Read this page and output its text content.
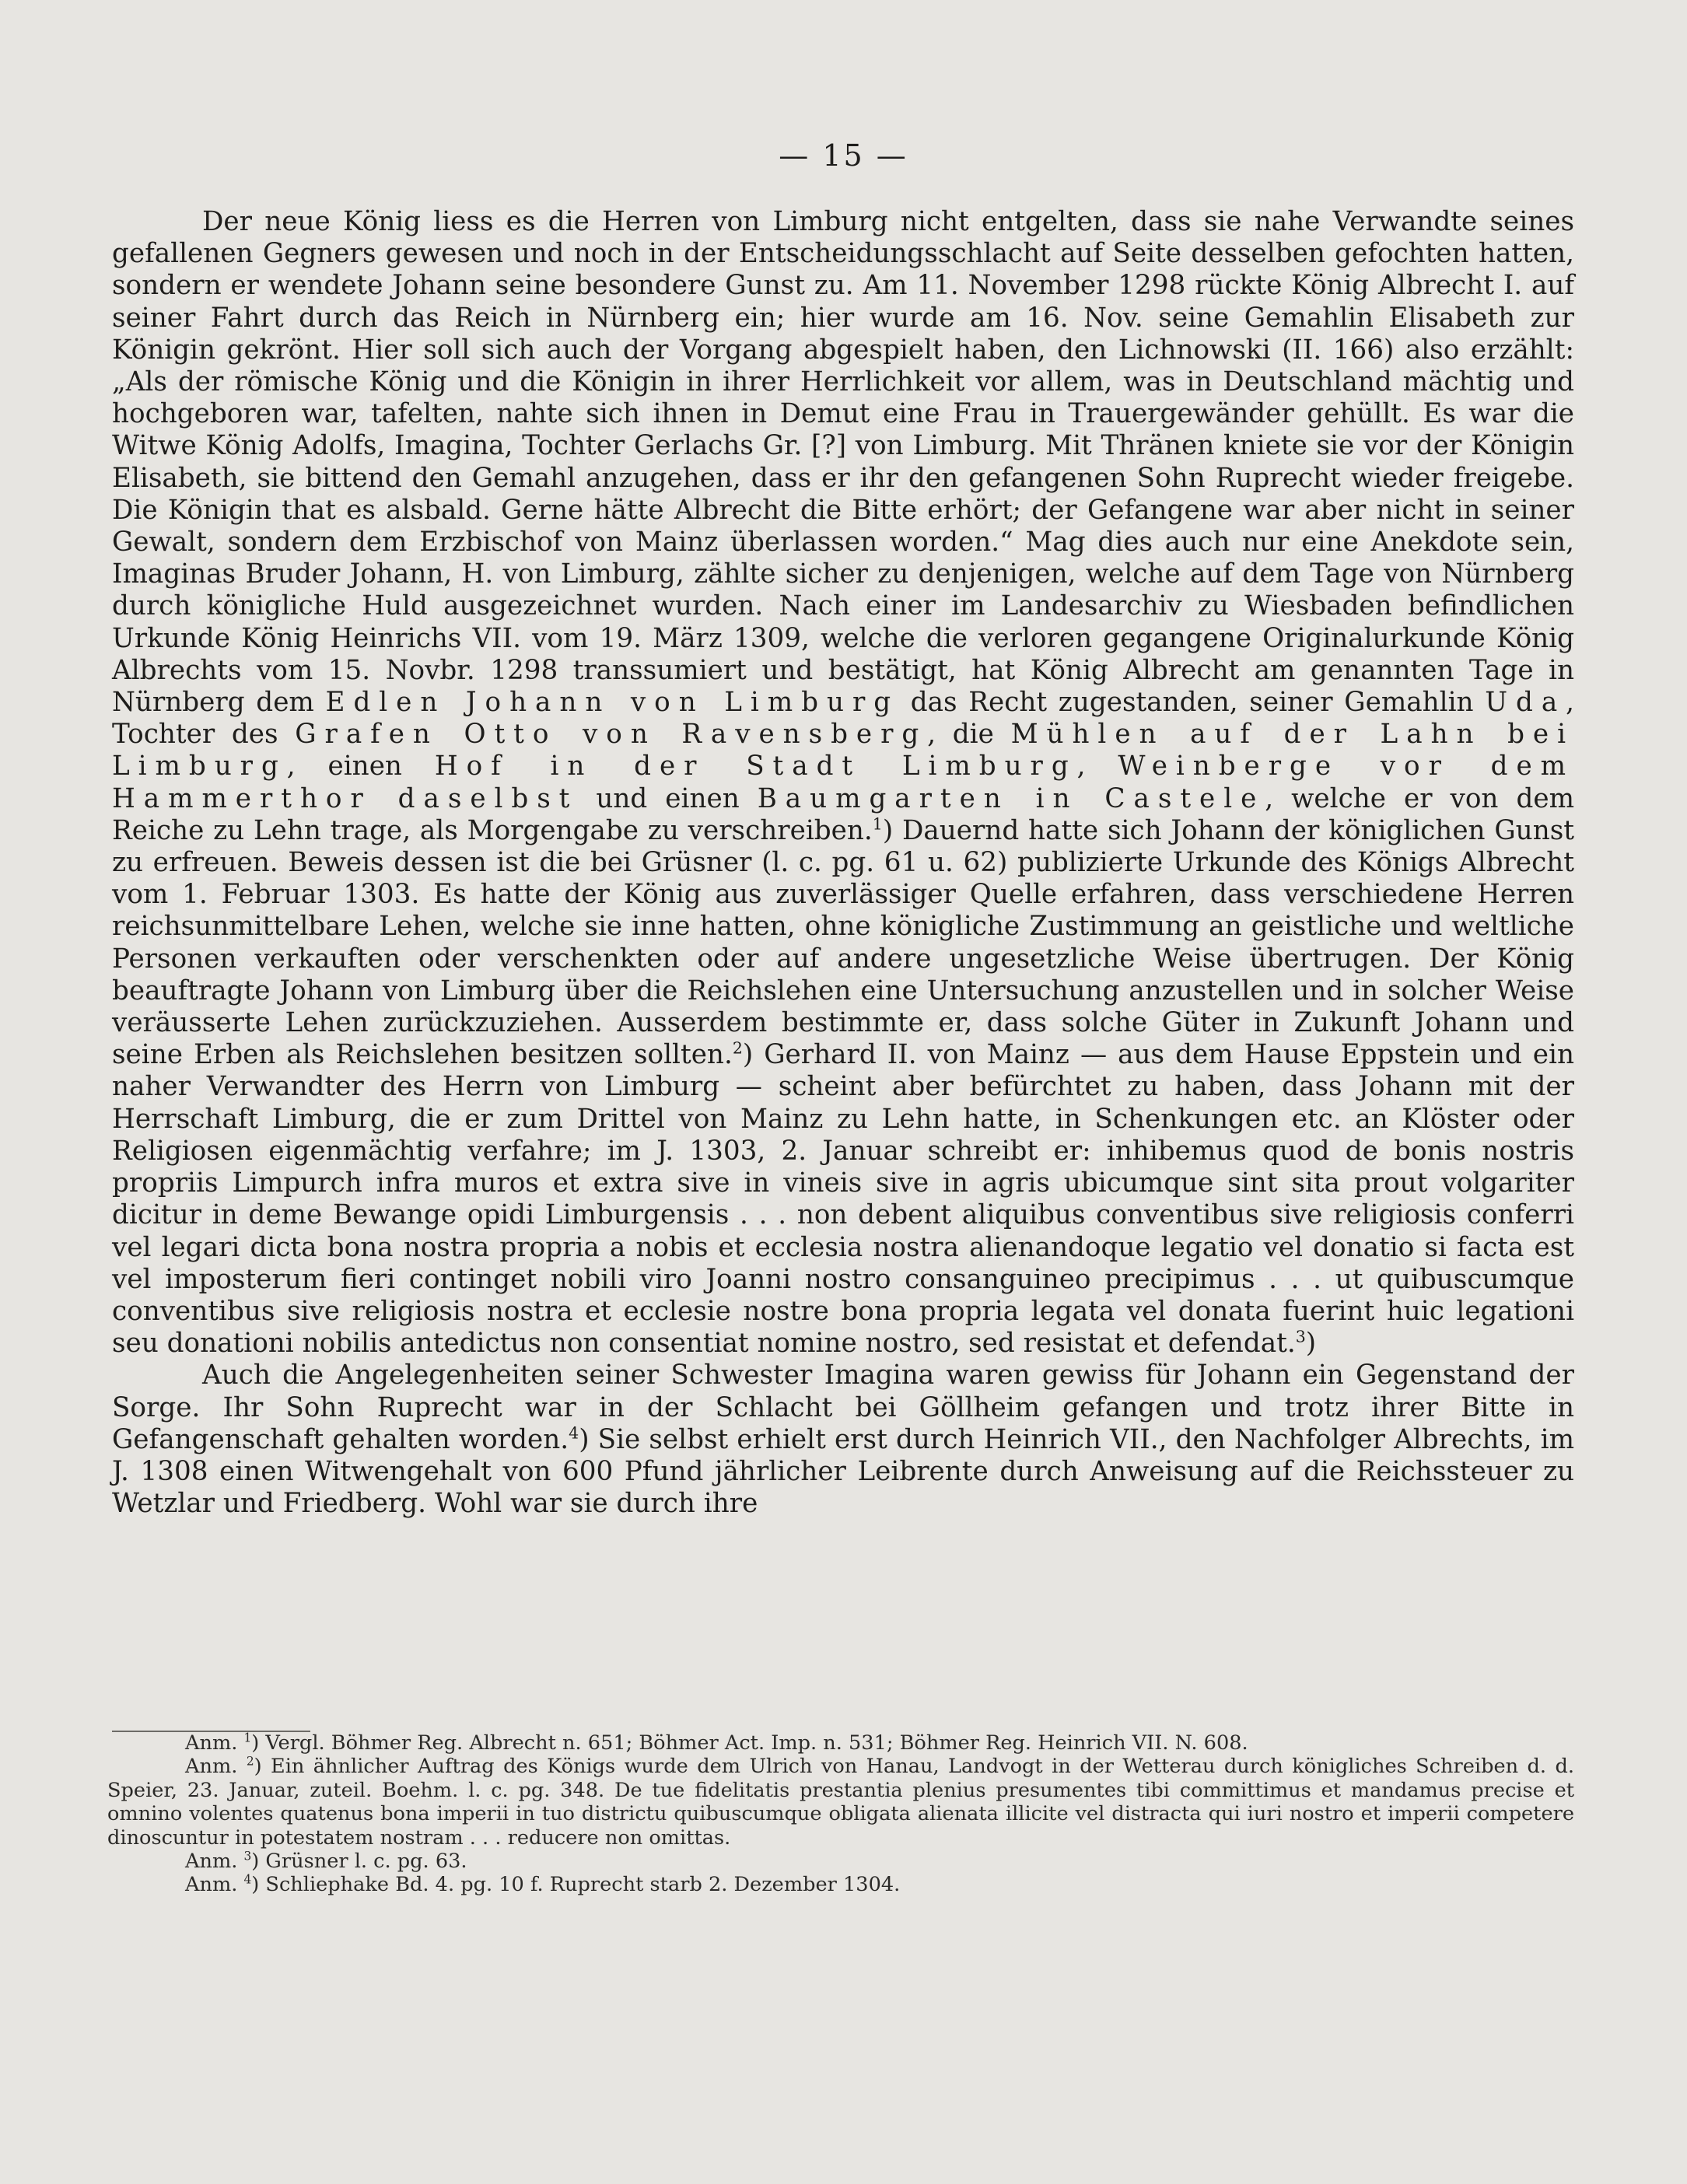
— 15 —

Der neue König liess es die Herren von Limburg nicht entgelten, dass sie nahe Verwandte seines gefallenen Gegners gewesen und noch in der Entscheidungsschlacht auf Seite desselben gefochten hatten, sondern er wendete Johann seine besondere Gunst zu. Am 11. November 1298 rückte König Albrecht I. auf seiner Fahrt durch das Reich in Nürnberg ein; hier wurde am 16. Nov. seine Gemahlin Elisabeth zur Königin gekrönt. Hier soll sich auch der Vorgang abgespielt haben, den Lichnowski (II. 166) also erzählt: „Als der römische König und die Königin in ihrer Herrlichkeit vor allem, was in Deutschland mächtig und hochgeboren war, tafelten, nahte sich ihnen in Demut eine Frau in Trauergewänder gehüllt. Es war die Witwe König Adolfs, Imagina, Tochter Gerlachs Gr. [?] von Limburg. Mit Thränen kniete sie vor der Königin Elisabeth, sie bittend den Gemahl anzugehen, dass er ihr den gefangenen Sohn Ruprecht wieder freigebe. Die Königin that es alsbald. Gerne hätte Albrecht die Bitte erhört; der Gefangene war aber nicht in seiner Gewalt, sondern dem Erzbischof von Mainz überlassen worden.“ Mag dies auch nur eine Anekdote sein, Imaginas Bruder Johann, H. von Limburg, zählte sicher zu denjenigen, welche auf dem Tage von Nürnberg durch königliche Huld ausgezeichnet wurden. Nach einer im Landesarchiv zu Wiesbaden befindlichen Urkunde König Heinrichs VII. vom 19. März 1309, welche die verloren gegangene Originalurkunde König Albrechts vom 15. Novbr. 1298 transsumiert und bestätigt, hat König Albrecht am genannten Tage in Nürnberg dem Edlen Johann von Limburg das Recht zugestanden, seiner Gemahlin Uda, Tochter des Grafen Otto von Ravensberg, die Mühlen auf der Lahn bei Limburg, einen Hof in der Stadt Limburg, Weinberge vor dem Hammerthor daselbst und einen Baumgarten in Castele, welche er von dem Reiche zu Lehn trage, als Morgengabe zu verschreiben.$^1$) Dauernd hatte sich Johann der königlichen Gunst zu erfreuen. Beweis dessen ist die bei Grüsner (l. c. pg. 61 u. 62) publizierte Urkunde des Königs Albrecht vom 1. Februar 1303. Es hatte der König aus zuverlässiger Quelle erfahren, dass verschiedene Herren reichsunmittelbare Lehen, welche sie inne hatten, ohne königliche Zustimmung an geistliche und weltliche Personen verkauften oder verschenkten oder auf andere ungesetzliche Weise übertrugen. Der König beauftragte Johann von Limburg über die Reichslehen eine Untersuchung anzustellen und in solcher Weise veräusserte Lehen zurückzuziehen. Ausserdem bestimmte er, dass solche Güter in Zukunft Johann und seine Erben als Reichslehen besitzen sollten.$^2$) Gerhard II. von Mainz — aus dem Hause Eppstein und ein naher Verwandter des Herrn von Limburg — scheint aber befürchtet zu haben, dass Johann mit der Herrschaft Limburg, die er zum Drittel von Mainz zu Lehn hatte, in Schenkungen etc. an Klöster oder Religiosen eigenmächtig verfahre; im J. 1303, 2. Januar schreibt er: inhibemus quod de bonis nostris propriis Limpurch infra muros et extra sive in vineis sive in agris ubicumque sint sita prout volgariter dicitur in deme Bewange opidi Limburgensis . . . non debent aliquibus conventibus sive religiosis conferri vel legari dicta bona nostra propria a nobis et ecclesia nostra alienandoque legatio vel donatio si facta est vel imposterum fieri continget nobili viro Joanni nostro consanguineo precipimus . . . ut quibuscumque conventibus sive religiosis nostra et ecclesie nostre bona propria legata vel donata fuerint huic legationi seu donationi nobilis antedictus non consentiat nomine nostro, sed resistat et defendat.$^3$)

Auch die Angelegenheiten seiner Schwester Imagina waren gewiss für Johann ein Gegenstand der Sorge. Ihr Sohn Ruprecht war in der Schlacht bei Göllheim gefangen und trotz ihrer Bitte in Gefangenschaft gehalten worden.$^4$) Sie selbst erhielt erst durch Heinrich VII., den Nachfolger Albrechts, im J. 1308 einen Witwengehalt von 600 Pfund jährlicher Leibrente durch Anweisung auf die Reichssteuer zu Wetzlar und Friedberg. Wohl war sie durch ihre

Anm. $^1$) Vergl. Böhmer Reg. Albrecht n. 651; Böhmer Act. Imp. n. 531; Böhmer Reg. Heinrich VII. N. 608.

Anm. $^2$) Ein ähnlicher Auftrag des Königs wurde dem Ulrich von Hanau, Landvogt in der Wetterau durch königliches Schreiben d. d. Speier, 23. Januar, zuteil. Boehm. l. c. pg. 348. De tue fidelitatis prestantia plenius presumentes tibi committimus et mandamus precise et omnino volentes quatenus bona imperii in tuo districtu quibuscumque obligata alienata illicite vel distracta qui iuri nostro et imperii competere dinoscuntur in potestatem nostram . . . reducere non omittas.

Anm. $^3$) Grüsner l. c. pg. 63.

Anm. $^4$) Schliephake Bd. 4. pg. 10 f. Ruprecht starb 2. Dezember 1304.
